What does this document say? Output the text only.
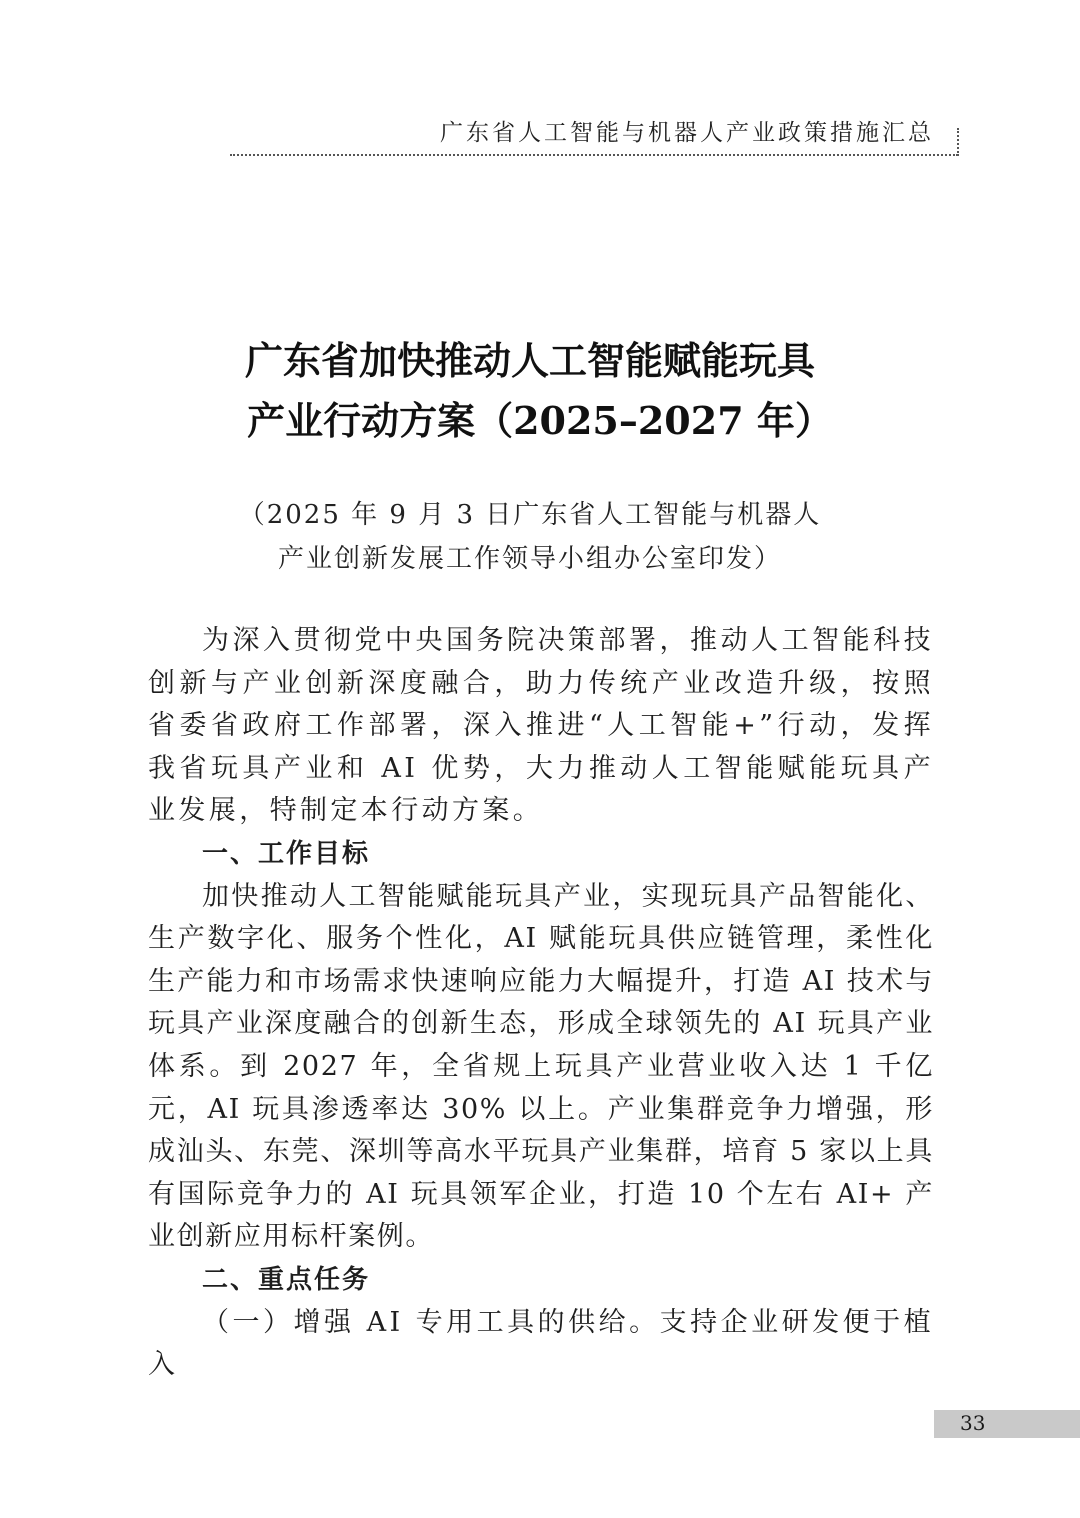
广东省人工智能与机器人产业政策措施汇总
广东省加快推动人工智能赋能玩具
产业行动方案（2025–2027 年）
（2025 年 9 月 3 日广东省人工智能与机器人
产业创新发展工作领导小组办公室印发）

为深入贯彻党中央国务院决策部署，推动人工智能科技创新与产业创新深度融合，助力传统产业改造升级，按照省委省政府工作部署，深入推进“人工智能+”行动，发挥我省玩具产业和 AI 优势，大力推动人工智能赋能玩具产业发展，特制定本行动方案。

一、工作目标

加快推动人工智能赋能玩具产业，实现玩具产品智能化、生产数字化、服务个性化，AI 赋能玩具供应链管理，柔性化生产能力和市场需求快速响应能力大幅提升，打造 AI 技术与玩具产业深度融合的创新生态，形成全球领先的 AI 玩具产业体系。到 2027 年，全省规上玩具产业营业收入达 1 千亿元，AI 玩具渗透率达 30% 以上。产业集群竞争力增强，形成汕头、东莞、深圳等高水平玩具产业集群，培育 5 家以上具有国际竞争力的 AI 玩具领军企业，打造 10 个左右 AI+ 产业创新应用标杆案例。

二、重点任务

（一）增强 AI 专用工具的供给。支持企业研发便于植入

33
